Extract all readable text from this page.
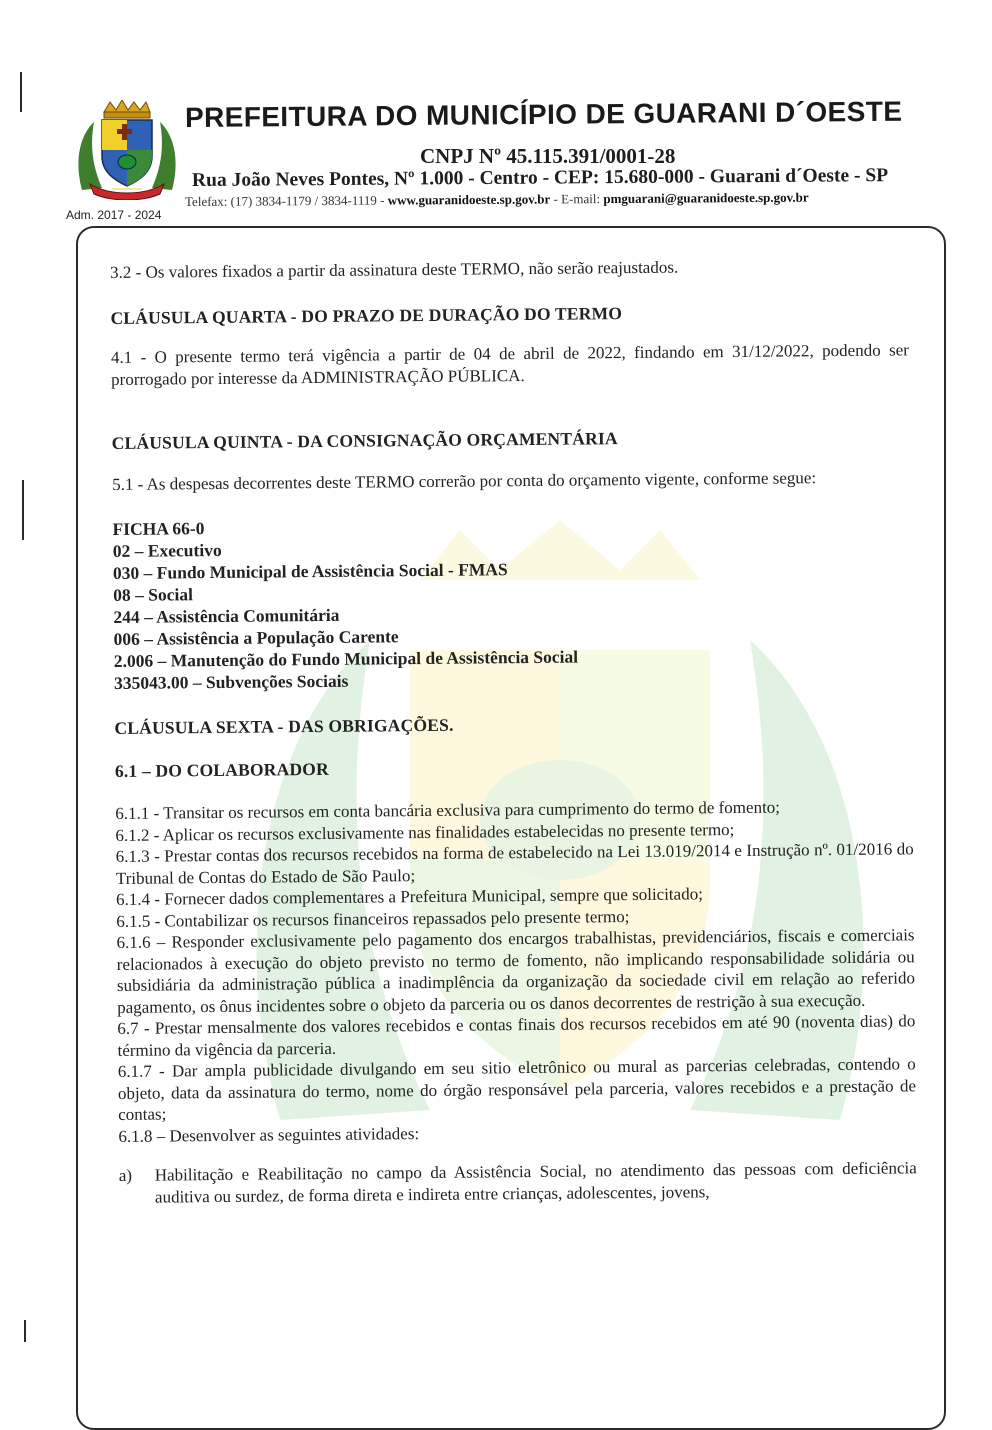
Adm. 2017 - 2024
PREFEITURA DO MUNICÍPIO DE GUARANI D´OESTE
CNPJ Nº 45.115.391/0001-28
Rua João Neves Pontes, Nº 1.000 - Centro - CEP: 15.680-000 - Guarani d´Oeste - SP
Telefax: (17) 3834-1179 / 3834-1119 - www.guaranidoeste.sp.gov.br - E-mail: pmguarani@guaranidoeste.sp.gov.br

3.2 - Os valores fixados a partir da assinatura deste TERMO, não serão reajustados.

CLÁUSULA QUARTA - DO PRAZO DE DURAÇÃO DO TERMO

4.1 - O presente termo terá vigência a partir de 04 de abril de 2022, findando em 31/12/2022, podendo ser prorrogado por interesse da ADMINISTRAÇÃO PÚBLICA.

CLÁUSULA QUINTA - DA CONSIGNAÇÃO ORÇAMENTÁRIA

5.1 - As despesas decorrentes deste TERMO correrão por conta do orçamento vigente, conforme segue:

FICHA 66-0

02 – Executivo

030 – Fundo Municipal de Assistência Social - FMAS

08 – Social

244 – Assistência Comunitária

006 – Assistência a População Carente

2.006 – Manutenção do Fundo Municipal de Assistência Social

335043.00 – Subvenções Sociais

CLÁUSULA SEXTA - DAS OBRIGAÇÕES.

6.1 – DO COLABORADOR

6.1.1 - Transitar os recursos em conta bancária exclusiva para cumprimento do termo de fomento;

6.1.2 - Aplicar os recursos exclusivamente nas finalidades estabelecidas no presente termo;

6.1.3 - Prestar contas dos recursos recebidos na forma de estabelecido na Lei 13.019/2014 e Instrução nº. 01/2016 do Tribunal de Contas do Estado de São Paulo;

6.1.4 - Fornecer dados complementares a Prefeitura Municipal, sempre que solicitado;

6.1.5 - Contabilizar os recursos financeiros repassados pelo presente termo;

6.1.6 – Responder exclusivamente pelo pagamento dos encargos trabalhistas, previdenciários, fiscais e comerciais relacionados à execução do objeto previsto no termo de fomento, não implicando responsabilidade solidária ou subsidiária da administração pública a inadimplência da organização da sociedade civil em relação ao referido pagamento, os ônus incidentes sobre o objeto da parceria ou os danos decorrentes de restrição à sua execução.

6.7 - Prestar mensalmente dos valores recebidos e contas finais dos recursos recebidos em até 90 (noventa dias) do término da vigência da parceria.

6.1.7 - Dar ampla publicidade divulgando em seu sitio eletrônico ou mural as parcerias celebradas, contendo o objeto, data da assinatura do termo, nome do órgão responsável pela parceria, valores recebidos e a prestação de contas;

6.1.8 – Desenvolver as seguintes atividades:

a)	Habilitação e Reabilitação no campo da Assistência Social, no atendimento das pessoas com deficiência auditiva ou surdez, de forma direta e indireta entre crianças, adolescentes, jovens,
